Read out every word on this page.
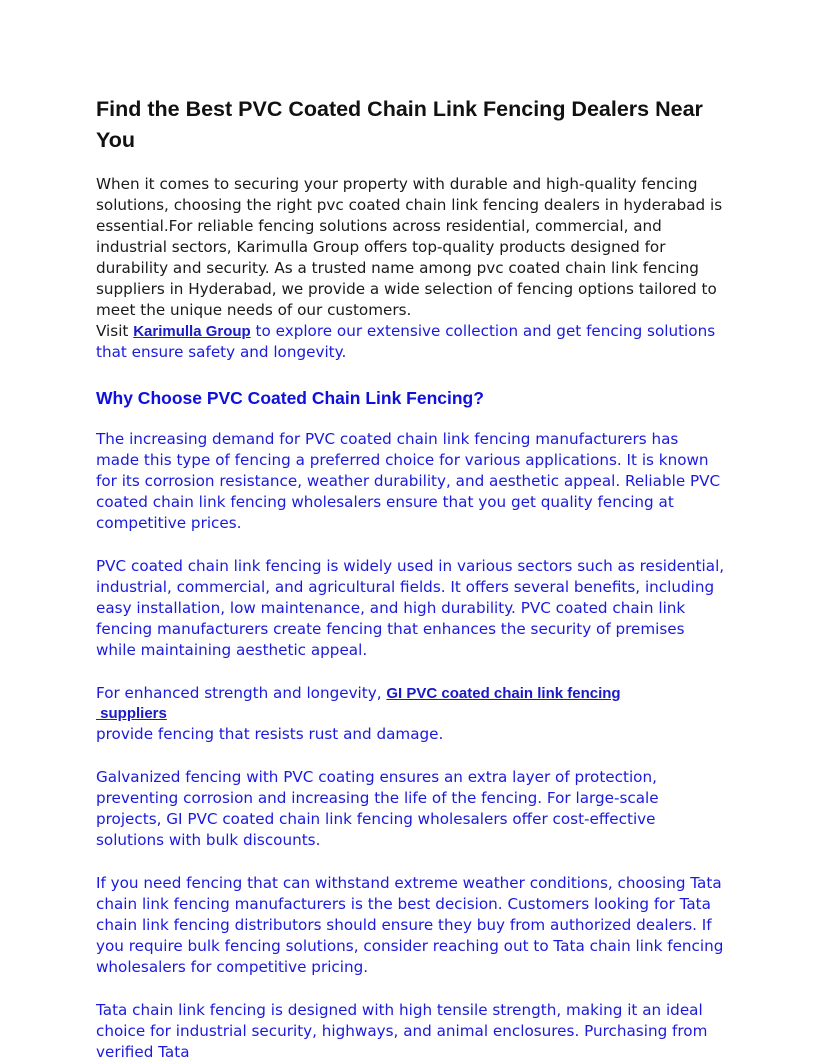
Find the Best PVC Coated Chain Link Fencing Dealers Near You

When it comes to securing your property with durable and high-quality fencing solutions, choosing the right pvc coated chain link fencing dealers in hyderabad is essential.For reliable fencing solutions across residential, commercial, and industrial sectors, Karimulla Group offers top-quality products designed for durability and security. As a trusted name among pvc coated chain link fencing suppliers in Hyderabad, we provide a wide selection of fencing options tailored to meet the unique needs of our customers.
Visit Karimulla Group to explore our extensive collection and get fencing solutions that ensure safety and longevity.

Why Choose PVC Coated Chain Link Fencing?

The increasing demand for PVC coated chain link fencing manufacturers has made this type of fencing a preferred choice for various applications. It is known for its corrosion resistance, weather durability, and aesthetic appeal. Reliable PVC coated chain link fencing wholesalers ensure that you get quality fencing at competitive prices.

PVC coated chain link fencing is widely used in various sectors such as residential, industrial, commercial, and agricultural fields. It offers several benefits, including easy installation, low maintenance, and high durability. PVC coated chain link fencing manufacturers create fencing that enhances the security of premises while maintaining aesthetic appeal.

For enhanced strength and longevity, GI PVC coated chain link fencing
suppliers
provide fencing that resists rust and damage.

Galvanized fencing with PVC coating ensures an extra layer of protection, preventing corrosion and increasing the life of the fencing. For large-scale projects, GI PVC coated chain link fencing wholesalers offer cost-effective solutions with bulk discounts.

If you need fencing that can withstand extreme weather conditions, choosing Tata chain link fencing manufacturers is the best decision. Customers looking for Tata chain link fencing distributors should ensure they buy from authorized dealers. If you require bulk fencing solutions, consider reaching out to Tata chain link fencing wholesalers for competitive pricing.

Tata chain link fencing is designed with high tensile strength, making it an ideal choice for industrial security, highways, and animal enclosures. Purchasing from verified Tata
